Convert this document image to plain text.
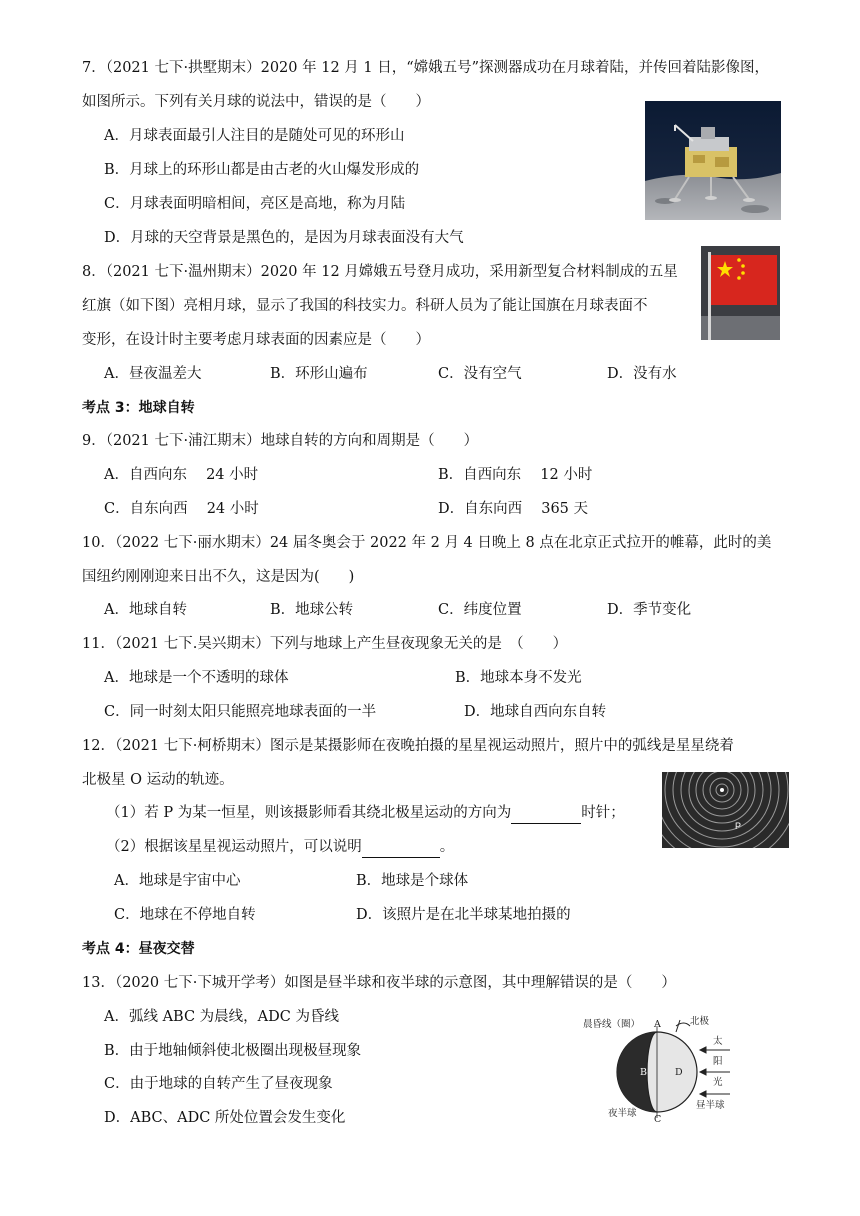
7．（2021 七下·拱墅期末）2020 年 12 月 1 日，“嫦娥五号”探测器成功在月球着陆，并传回着陆影像图，
如图所示。下列有关月球的说法中，错误的是（　　）
A．月球表面最引人注目的是随处可见的环形山
B．月球上的环形山都是由古老的火山爆发形成的
C．月球表面明暗相间，亮区是高地，称为月陆
D．月球的天空背景是黑色的，是因为月球表面没有大气
8．（2021 七下·温州期末）2020 年 12 月嫦娥五号登月成功，采用新型复合材料制成的五星
红旗（如下图）亮相月球，显示了我国的科技实力。科研人员为了能让国旗在月球表面不
变形，在设计时主要考虑月球表面的因素应是（　　）
A．昼夜温差大	B．环形山遍布	C．没有空气	D．没有水
考点 3：地球自转
9．（2021 七下·浦江期末）地球自转的方向和周期是（　　）
A．自西向东　 24 小时	B．自西向东　 12 小时
C．自东向西　 24 小时	D．自东向西　 365 天
10．（2022 七下·丽水期末）24 届冬奥会于 2022 年 2 月 4 日晚上 8 点在北京正式拉开的帷幕，此时的美
国纽约刚刚迎来日出不久，这是因为(　　)
A．地球自转	B．地球公转	C．纬度位置	D．季节变化
11．（2021 七下.吴兴期末）下列与地球上产生昼夜现象无关的是　（　　）
A．地球是一个不透明的球体	B．地球本身不发光
C．同一时刻太阳只能照亮地球表面的一半	D．地球自西向东自转
12．（2021 七下·柯桥期末）图示是某摄影师在夜晚拍摄的星星视运动照片，照片中的弧线是星星绕着
北极星 O 运动的轨迹。
（1）若 P 为某一恒星，则该摄影师看其绕北极星运动的方向为	时针；
（2）根据该星星视运动照片，可以说明	。
A．地球是宇宙中心	B．地球是个球体
C．地球在不停地自转	D．该照片是在北半球某地拍摄的
P
考点 4：昼夜交替
13．（2020 七下·下城开学考）如图是昼半球和夜半球的示意图，其中理解错误的是（　　）
A．弧线 ABC 为晨线，ADC 为昏线
B．由于地轴倾斜使北极圈出现极昼现象
C．由于地球的自转产生了昼夜现象
D．ABC、ADC 所处位置会发生变化
晨昏线（圈） A	北极
太
阳
光
D
夜半球
C
昼半球
B
